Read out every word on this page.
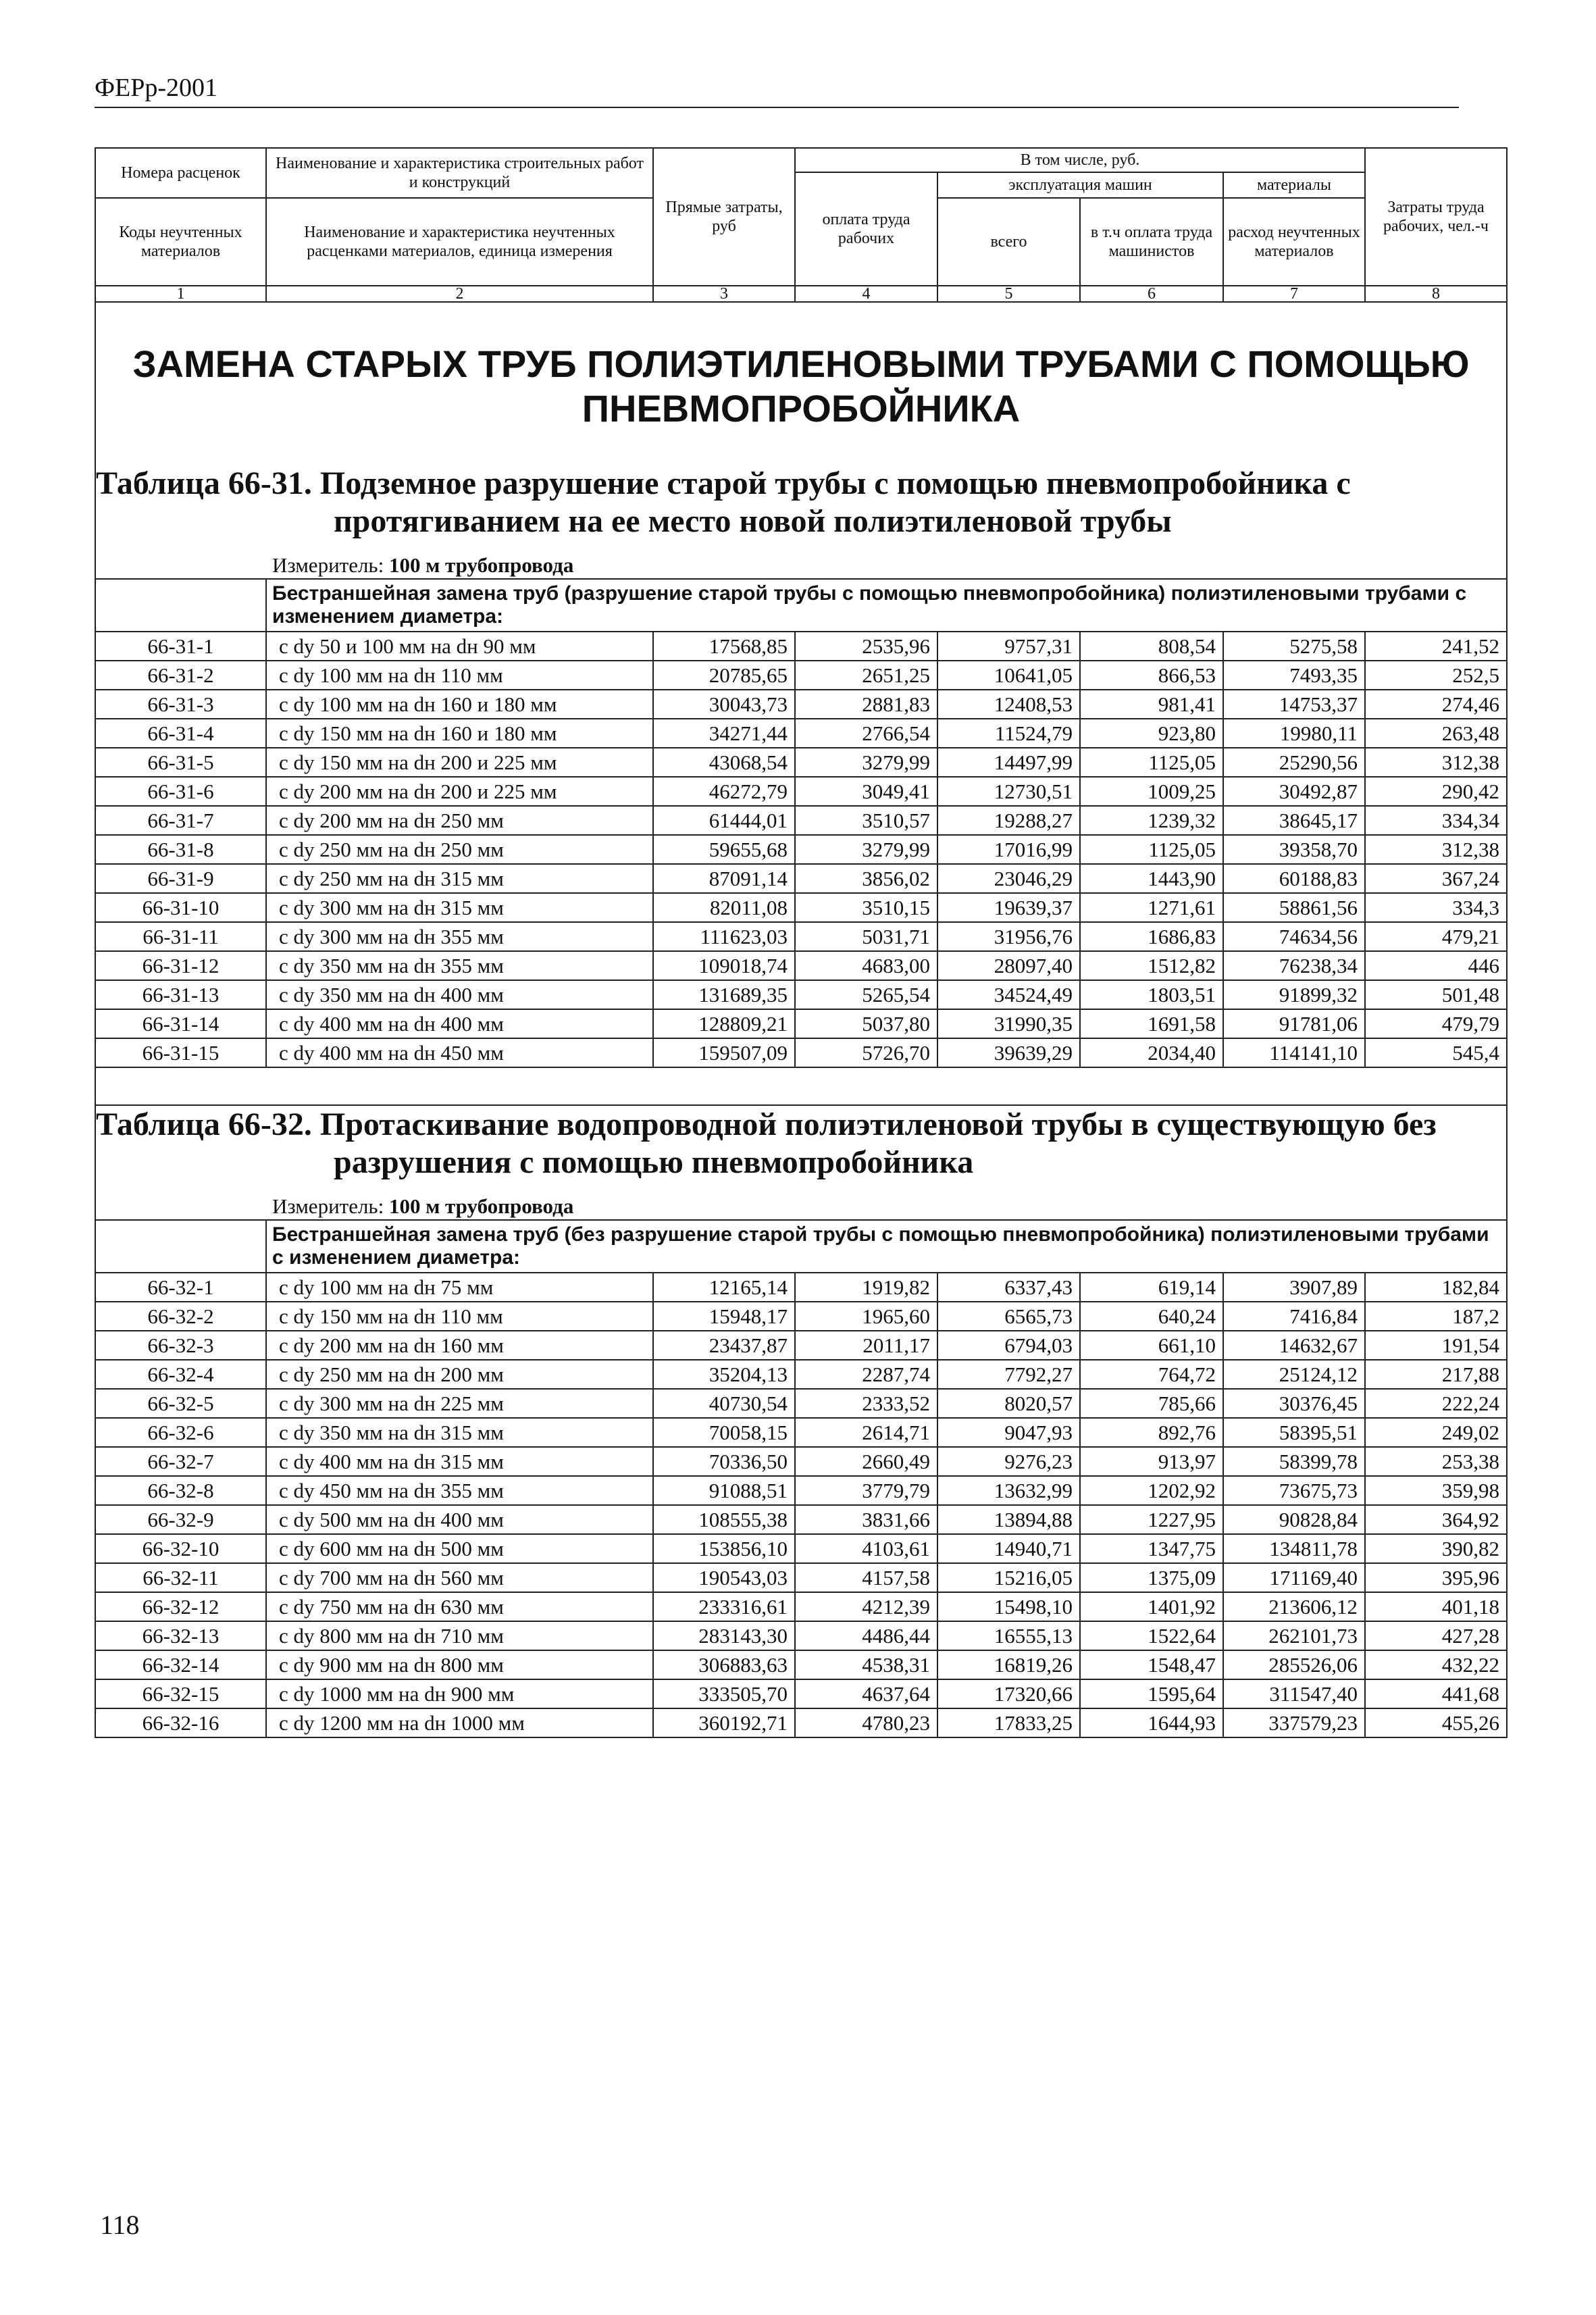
ФЕРр-2001
Номера расценок	Наименование и характеристика строительных работ и конструкций	Прямые затраты, руб	В том числе, руб.				Затраты труда рабочих, чел.-ч
			оплата труда рабочих	эксплуатация машин		материалы	
Коды неучтенных материалов	Наименование и характеристика неучтенных расценками материалов, единица измерения			всего	в т.ч оплата труда машинистов	расход неучтенных материалов	

1	2	3	4	5	6	7	8

ЗАМЕНА СТАРЫХ ТРУБ ПОЛИЭТИЛЕНОВЫМИ ТРУБАМИ С ПОМОЩЬЮ ПНЕВМОПРОБОЙНИКА
Таблица 66-31. Подземное разрушение старой трубы с помощью пневмопробойника с
протягиванием на ее место новой полиэтиленовой трубы
Измеритель: 100 м трубопровода							

	Бестраншейная замена труб (разрушение старой трубы с помощью пневмопробойника) полиэтиленовыми трубами с изменением диаметра:						
66-31-1	с dy 50 и 100 мм на dн 90 мм	17568,85	2535,96	9757,31	808,54	5275,58	241,52
66-31-2	с dy 100 мм на dн 110 мм	20785,65	2651,25	10641,05	866,53	7493,35	252,5
66-31-3	с dy 100 мм на dн 160 и 180 мм	30043,73	2881,83	12408,53	981,41	14753,37	274,46
66-31-4	с dy 150 мм на dн 160 и 180 мм	34271,44	2766,54	11524,79	923,80	19980,11	263,48
66-31-5	с dy 150 мм на dн 200 и 225 мм	43068,54	3279,99	14497,99	1125,05	25290,56	312,38
66-31-6	с dy 200 мм на dн 200 и 225 мм	46272,79	3049,41	12730,51	1009,25	30492,87	290,42
66-31-7	с dy 200 мм на dн 250 мм	61444,01	3510,57	19288,27	1239,32	38645,17	334,34
66-31-8	с dy 250 мм на dн 250 мм	59655,68	3279,99	17016,99	1125,05	39358,70	312,38
66-31-9	с dy 250 мм на dн 315 мм	87091,14	3856,02	23046,29	1443,90	60188,83	367,24
66-31-10	с dy 300 мм на dн 315 мм	82011,08	3510,15	19639,37	1271,61	58861,56	334,3
66-31-11	с dy 300 мм на dн 355 мм	111623,03	5031,71	31956,76	1686,83	74634,56	479,21
66-31-12	с dy 350 мм на dн 355 мм	109018,74	4683,00	28097,40	1512,82	76238,34	446
66-31-13	с dy 350 мм на dн 400 мм	131689,35	5265,54	34524,49	1803,51	91899,32	501,48
66-31-14	с dy 400 мм на dн 400 мм	128809,21	5037,80	31990,35	1691,58	91781,06	479,79
66-31-15	с dy 400 мм на dн 450 мм	159507,09	5726,70	39639,29	2034,40	114141,10	545,4

Таблица 66-32. Протаскивание водопроводной полиэтиленовой трубы в существующую без
разрушения с помощью пневмопробойника
Измеритель: 100 м трубопровода							

	Бестраншейная замена труб (без разрушение старой трубы с помощью пневмопробойника) полиэтиленовыми трубами с изменением диаметра:						
66-32-1	с dy 100 мм на dн 75 мм	12165,14	1919,82	6337,43	619,14	3907,89	182,84
66-32-2	с dy 150 мм на dн 110 мм	15948,17	1965,60	6565,73	640,24	7416,84	187,2
66-32-3	с dy 200 мм на dн 160 мм	23437,87	2011,17	6794,03	661,10	14632,67	191,54
66-32-4	с dy 250 мм на dн 200 мм	35204,13	2287,74	7792,27	764,72	25124,12	217,88
66-32-5	с dy 300 мм на dн 225 мм	40730,54	2333,52	8020,57	785,66	30376,45	222,24
66-32-6	с dy 350 мм на dн 315 мм	70058,15	2614,71	9047,93	892,76	58395,51	249,02
66-32-7	с dy 400 мм на dн 315 мм	70336,50	2660,49	9276,23	913,97	58399,78	253,38
66-32-8	с dy 450 мм на dн 355 мм	91088,51	3779,79	13632,99	1202,92	73675,73	359,98
66-32-9	с dy 500 мм на dн 400 мм	108555,38	3831,66	13894,88	1227,95	90828,84	364,92
66-32-10	с dy 600 мм на dн 500 мм	153856,10	4103,61	14940,71	1347,75	134811,78	390,82
66-32-11	с dy 700 мм на dн 560 мм	190543,03	4157,58	15216,05	1375,09	171169,40	395,96
66-32-12	с dy 750 мм на dн 630 мм	233316,61	4212,39	15498,10	1401,92	213606,12	401,18
66-32-13	с dy 800 мм на dн 710 мм	283143,30	4486,44	16555,13	1522,64	262101,73	427,28
66-32-14	с dy 900 мм на dн 800 мм	306883,63	4538,31	16819,26	1548,47	285526,06	432,22
66-32-15	с dy 1000 мм на dн 900 мм	333505,70	4637,64	17320,66	1595,64	311547,40	441,68
66-32-16	с dy 1200 мм на dн 1000 мм	360192,71	4780,23	17833,25	1644,93	337579,23	455,26
118
